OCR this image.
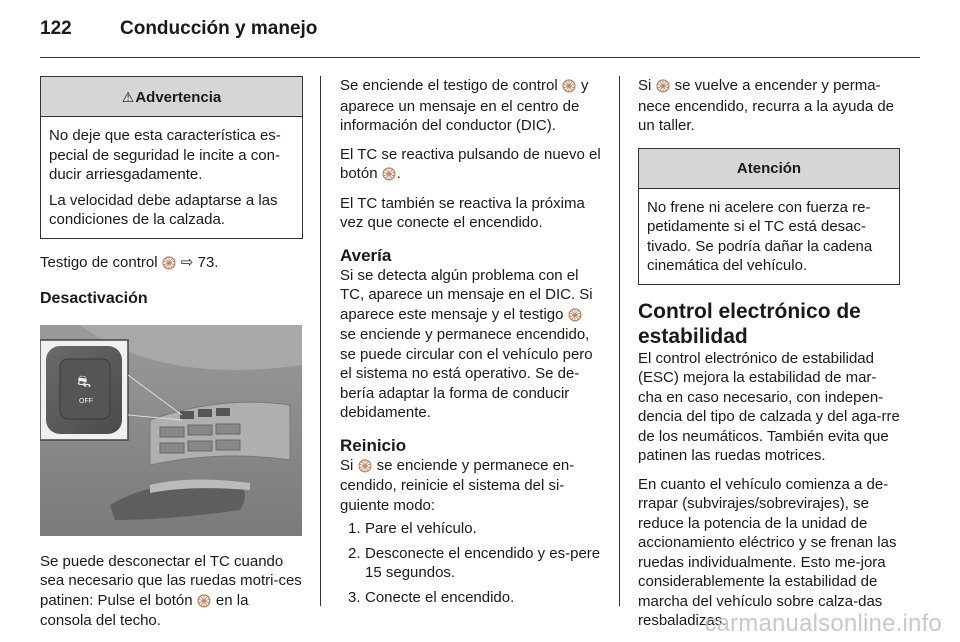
122	Conducción y manejo
⚠Advertencia

No deje que esta característica es-pecial de seguridad le incite a con-ducir arriesgadamente.

La velocidad debe adaptarse a las condiciones de la calzada.

Testigo de control 🛞 ⇨ 73.

Desactivación

⛐
OFF

Se puede desconectar el TC cuando sea necesario que las ruedas motri-ces patinen: Pulse el botón 🛞 en la consola del techo.

Se enciende el testigo de control 🛞 y aparece un mensaje en el centro de información del conductor (DIC).

El TC se reactiva pulsando de nuevo el botón 🛞.

El TC también se reactiva la próxima vez que conecte el encendido.

Avería

Si se detecta algún problema con el TC, aparece un mensaje en el DIC. Si aparece este mensaje y el testigo 🛞 se enciende y permanece encendido, se puede circular con el vehículo pero el sistema no está operativo. Se de-bería adaptar la forma de conducir debidamente.

Reinicio

Si 🛞 se enciende y permanece en-cendido, reinicie el sistema del si-guiente modo:

1. Pare el vehículo.
2. Desconecte el encendido y es-pere 15 segundos.
3. Conecte el encendido.

Si 🛞 se vuelve a encender y perma-nece encendido, recurra a la ayuda de un taller.

Atención

No frene ni acelere con fuerza re-petidamente si el TC está desac-tivado. Se podría dañar la cadena cinemática del vehículo.

Control electrónico de estabilidad

El control electrónico de estabilidad (ESC) mejora la estabilidad de mar-cha en caso necesario, con indepen-dencia del tipo de calzada y del aga-rre de los neumáticos. También evita que patinen las ruedas motrices.

En cuanto el vehículo comienza a de-rrapar (subvirajes/sobrevirajes), se reduce la potencia de la unidad de accionamiento eléctrico y se frenan las ruedas individualmente. Esto me-jora considerablemente la estabilidad de marcha del vehículo sobre calza-das resbaladizas.

carmanualsonline.info
